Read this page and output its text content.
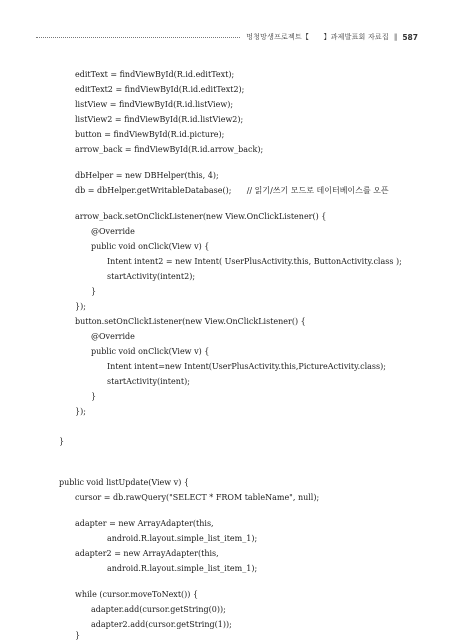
멍청망생프로젝트【　　】과제발표회 자료집 ‖ 587
editText = findViewById(R.id.editText);
editText2 = findViewById(R.id.editText2);
listView = findViewById(R.id.listView);
listView2 = findViewById(R.id.listView2);
button = findViewById(R.id.picture);
arrow_back = findViewById(R.id.arrow_back);
dbHelper = new DBHelper(this, 4);
db = dbHelper.getWritableDatabase();      // 읽기/쓰기 모드로 데이터베이스를 오픈
arrow_back.setOnClickListener(new View.OnClickListener() {
@Override
public void onClick(View v) {
Intent intent2 = new Intent( UserPlusActivity.this, ButtonActivity.class );
startActivity(intent2);
}
});
button.setOnClickListener(new View.OnClickListener() {
@Override
public void onClick(View v) {
Intent intent=new Intent(UserPlusActivity.this,PictureActivity.class);
startActivity(intent);
}
});
}
public void listUpdate(View v) {
cursor = db.rawQuery("SELECT * FROM tableName", null);
adapter = new ArrayAdapter(this,
android.R.layout.simple_list_item_1);
adapter2 = new ArrayAdapter(this,
android.R.layout.simple_list_item_1);
while (cursor.moveToNext()) {
adapter.add(cursor.getString(0));
adapter2.add(cursor.getString(1));
}
